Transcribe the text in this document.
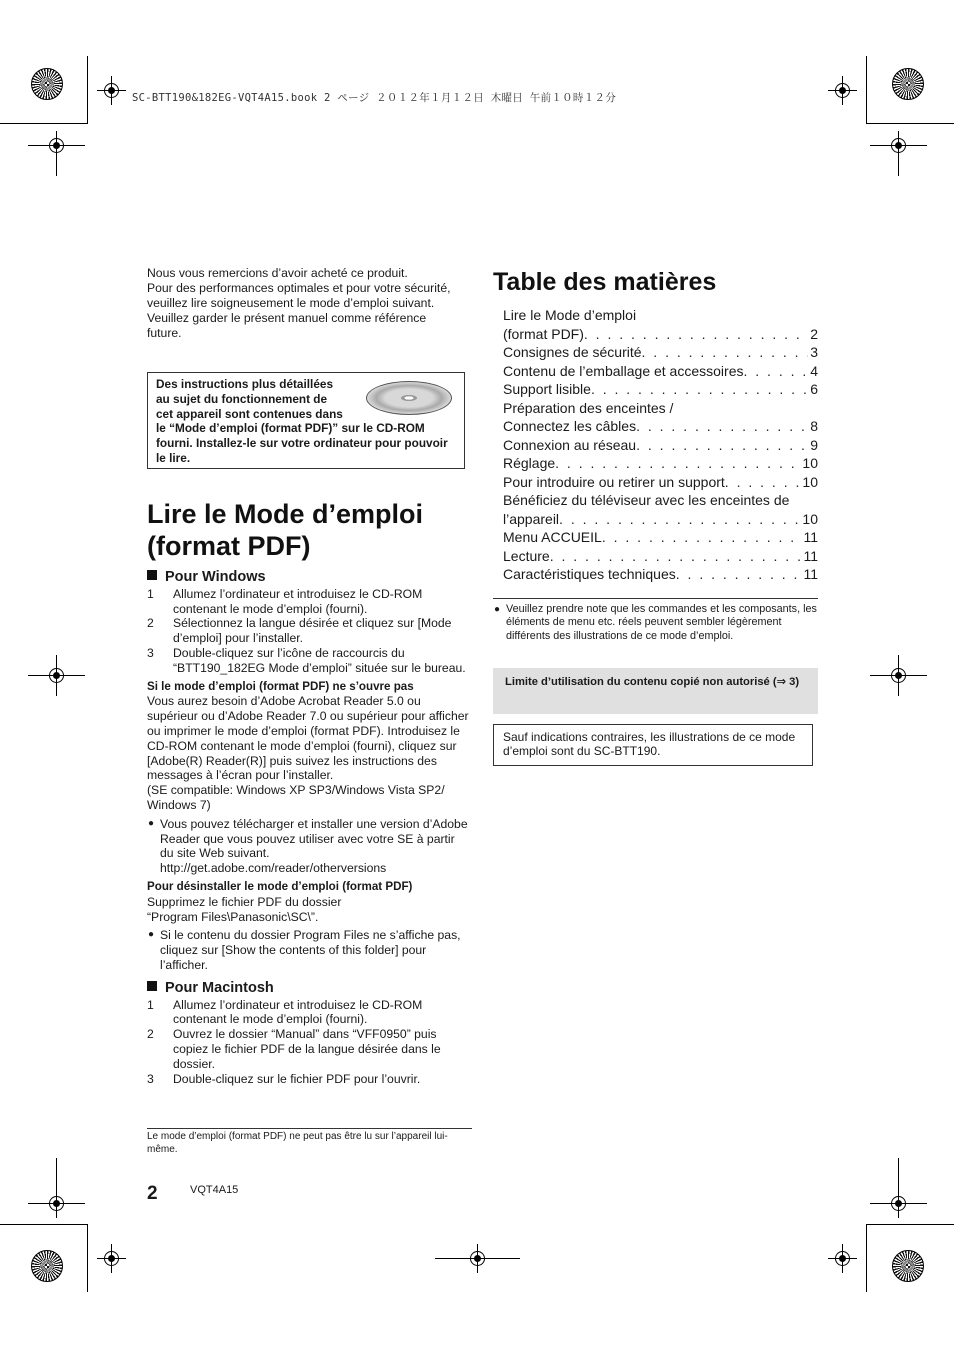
SC-BTT190&182EG-VQT4A15.book 2 ページ ２０１２年１月１２日 木曜日 午前１０時１２分

Nous vous remercions d’avoir acheté ce produit.

Pour des performances optimales et pour votre sécurité,

veuillez lire soigneusement le mode d’emploi suivant.

Veuillez garder le présent manuel comme référence

future.

Des instructions plus détaillées
au sujet du fonctionnement de
cet appareil sont contenues dans
le “Mode d’emploi (format PDF)” sur le CD-ROM fourni. Installez-le sur votre ordinateur pour pouvoir le lire.
Lire le Mode d’emploi
(format PDF)

Pour Windows

1 Allumez l’ordinateur et introduisez le CD-ROM contenant le mode d’emploi (fourni).
2 Sélectionnez la langue désirée et cliquez sur [Mode d’emploi] pour l’installer.
3 Double-cliquez sur l’icône de raccourcis du “BTT190_182EG Mode d’emploi” située sur le bureau.
Si le mode d’emploi (format PDF) ne s’ouvre pas
Vous aurez besoin d’Adobe Acrobat Reader 5.0 ou supérieur ou d’Adobe Reader 7.0 ou supérieur pour afficher ou imprimer le mode d’emploi (format PDF). Introduisez le CD-ROM contenant le mode d’emploi (fourni), cliquez sur [Adobe(R) Reader(R)] puis suivez les instructions des messages à l’écran pour l’installer.
(SE compatible: Windows XP SP3/Windows Vista SP2/ Windows 7)
● Vous pouvez télécharger et installer une version d’Adobe Reader que vous pouvez utiliser avec votre SE à partir du site Web suivant.
http://get.adobe.com/reader/otherversions
Pour désinstaller le mode d’emploi (format PDF)
Supprimez le fichier PDF du dossier
“Program Files\Panasonic\SC\”.
● Si le contenu du dossier Program Files ne s’affiche pas, cliquez sur [Show the contents of this folder] pour l’afficher.

Pour Macintosh

1 Allumez l’ordinateur et introduisez le CD-ROM contenant le mode d’emploi (fourni).
2 Ouvrez le dossier “Manual” dans “VFF0950” puis copiez le fichier PDF de la langue désirée dans le dossier.
3 Double-cliquez sur le fichier PDF pour l’ouvrir.
Le mode d’emploi (format PDF) ne peut pas être lu sur l’appareil lui-même.
2	VQT4A15
Table des matières
Lire le Mode d’emploi
(format PDF) . . .	2
Consignes de sécurité . . .	3
Contenu de l’emballage et accessoires . . .	4
Support lisible . . .	6
Préparation des enceintes /
Connectez les câbles . . .	8
Connexion au réseau . . .	9
Réglage . . .	10
Pour introduire ou retirer un support . . .	10
Bénéficiez du téléviseur avec les enceintes de
l’appareil . . .	10
Menu ACCUEIL . . .	11
Lecture . . .	11
Caractéristiques techniques . . .	11
● Veuillez prendre note que les commandes et les composants, les éléments de menu etc. réels peuvent sembler légèrement différents des illustrations de ce mode d’emploi.
Limite d’utilisation du contenu copié non autorisé (⇒ 3)
Sauf indications contraires, les illustrations de ce mode d’emploi sont du SC-BTT190.
